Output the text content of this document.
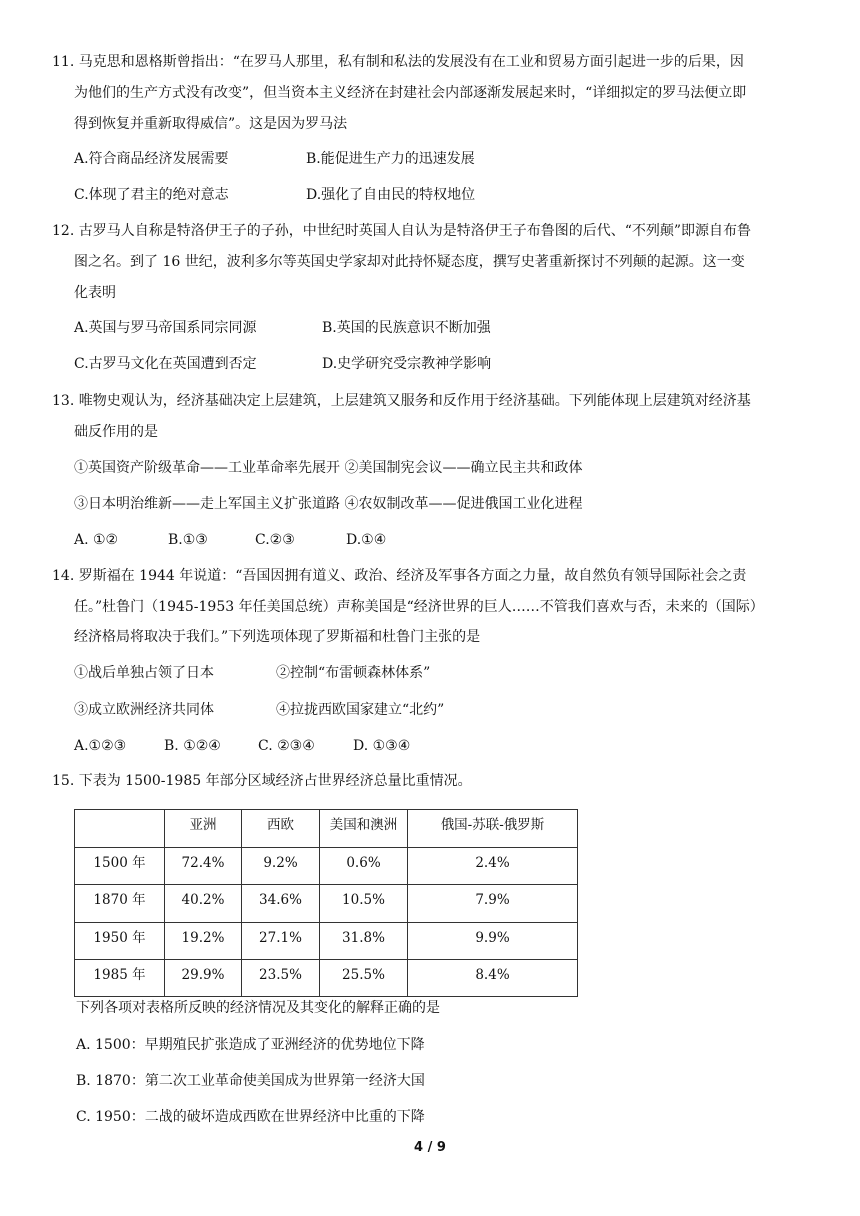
11. 马克思和恩格斯曾指出：“在罗马人那里，私有制和私法的发展没有在工业和贸易方面引起进一步的后果，因
为他们的生产方式没有改变”，但当资本主义经济在封建社会内部逐渐发展起来时，“详细拟定的罗马法便立即
得到恢复并重新取得威信”。这是因为罗马法
A.符合商品经济发展需要	B.能促进生产力的迅速发展
C.体现了君主的绝对意志	D.强化了自由民的特权地位
12. 古罗马人自称是特洛伊王子的子孙，中世纪时英国人自认为是特洛伊王子布鲁图的后代、“不列颠”即源自布鲁
图之名。到了 16 世纪，波利多尔等英国史学家却对此持怀疑态度，撰写史著重新探讨不列颠的起源。这一变
化表明
A.英国与罗马帝国系同宗同源	B.英国的民族意识不断加强
C.古罗马文化在英国遭到否定	D.史学研究受宗教神学影响
13. 唯物史观认为，经济基础决定上层建筑，上层建筑又服务和反作用于经济基础。下列能体现上层建筑对经济基
础反作用的是
①英国资产阶级革命——工业革命率先展开 ②美国制宪会议——确立民主共和政体
③日本明治维新——走上军国主义扩张道路 ④农奴制改革——促进俄国工业化进程
A. ①②	B.①③	C.②③	D.①④
14. 罗斯福在 1944 年说道：“吾国因拥有道义、政治、经济及军事各方面之力量，故自然负有领导国际社会之责
任。”杜鲁门（1945-1953 年任美国总统）声称美国是“经济世界的巨人……不管我们喜欢与否，未来的（国际）
经济格局将取决于我们。”下列选项体现了罗斯福和杜鲁门主张的是
①战后单独占领了日本	②控制“布雷顿森林体系”
③成立欧洲经济共同体	④拉拢西欧国家建立“北约”
A.①②③	B. ①②④	C. ②③④	D. ①③④
15. 下表为 1500-1985 年部分区域经济占世界经济总量比重情况。
	亚洲	西欧	美国和澳洲	俄国-苏联-俄罗斯
1500 年	72.4%	9.2%	0.6%	2.4%
1870 年	40.2%	34.6%	10.5%	7.9%
1950 年	19.2%	27.1%	31.8%	9.9%
1985 年	29.9%	23.5%	25.5%	8.4%
下列各项对表格所反映的经济情况及其变化的解释正确的是
A. 1500：早期殖民扩张造成了亚洲经济的优势地位下降
B. 1870：第二次工业革命使美国成为世界第一经济大国
C. 1950：二战的破坏造成西欧在世界经济中比重的下降
4 / 9
